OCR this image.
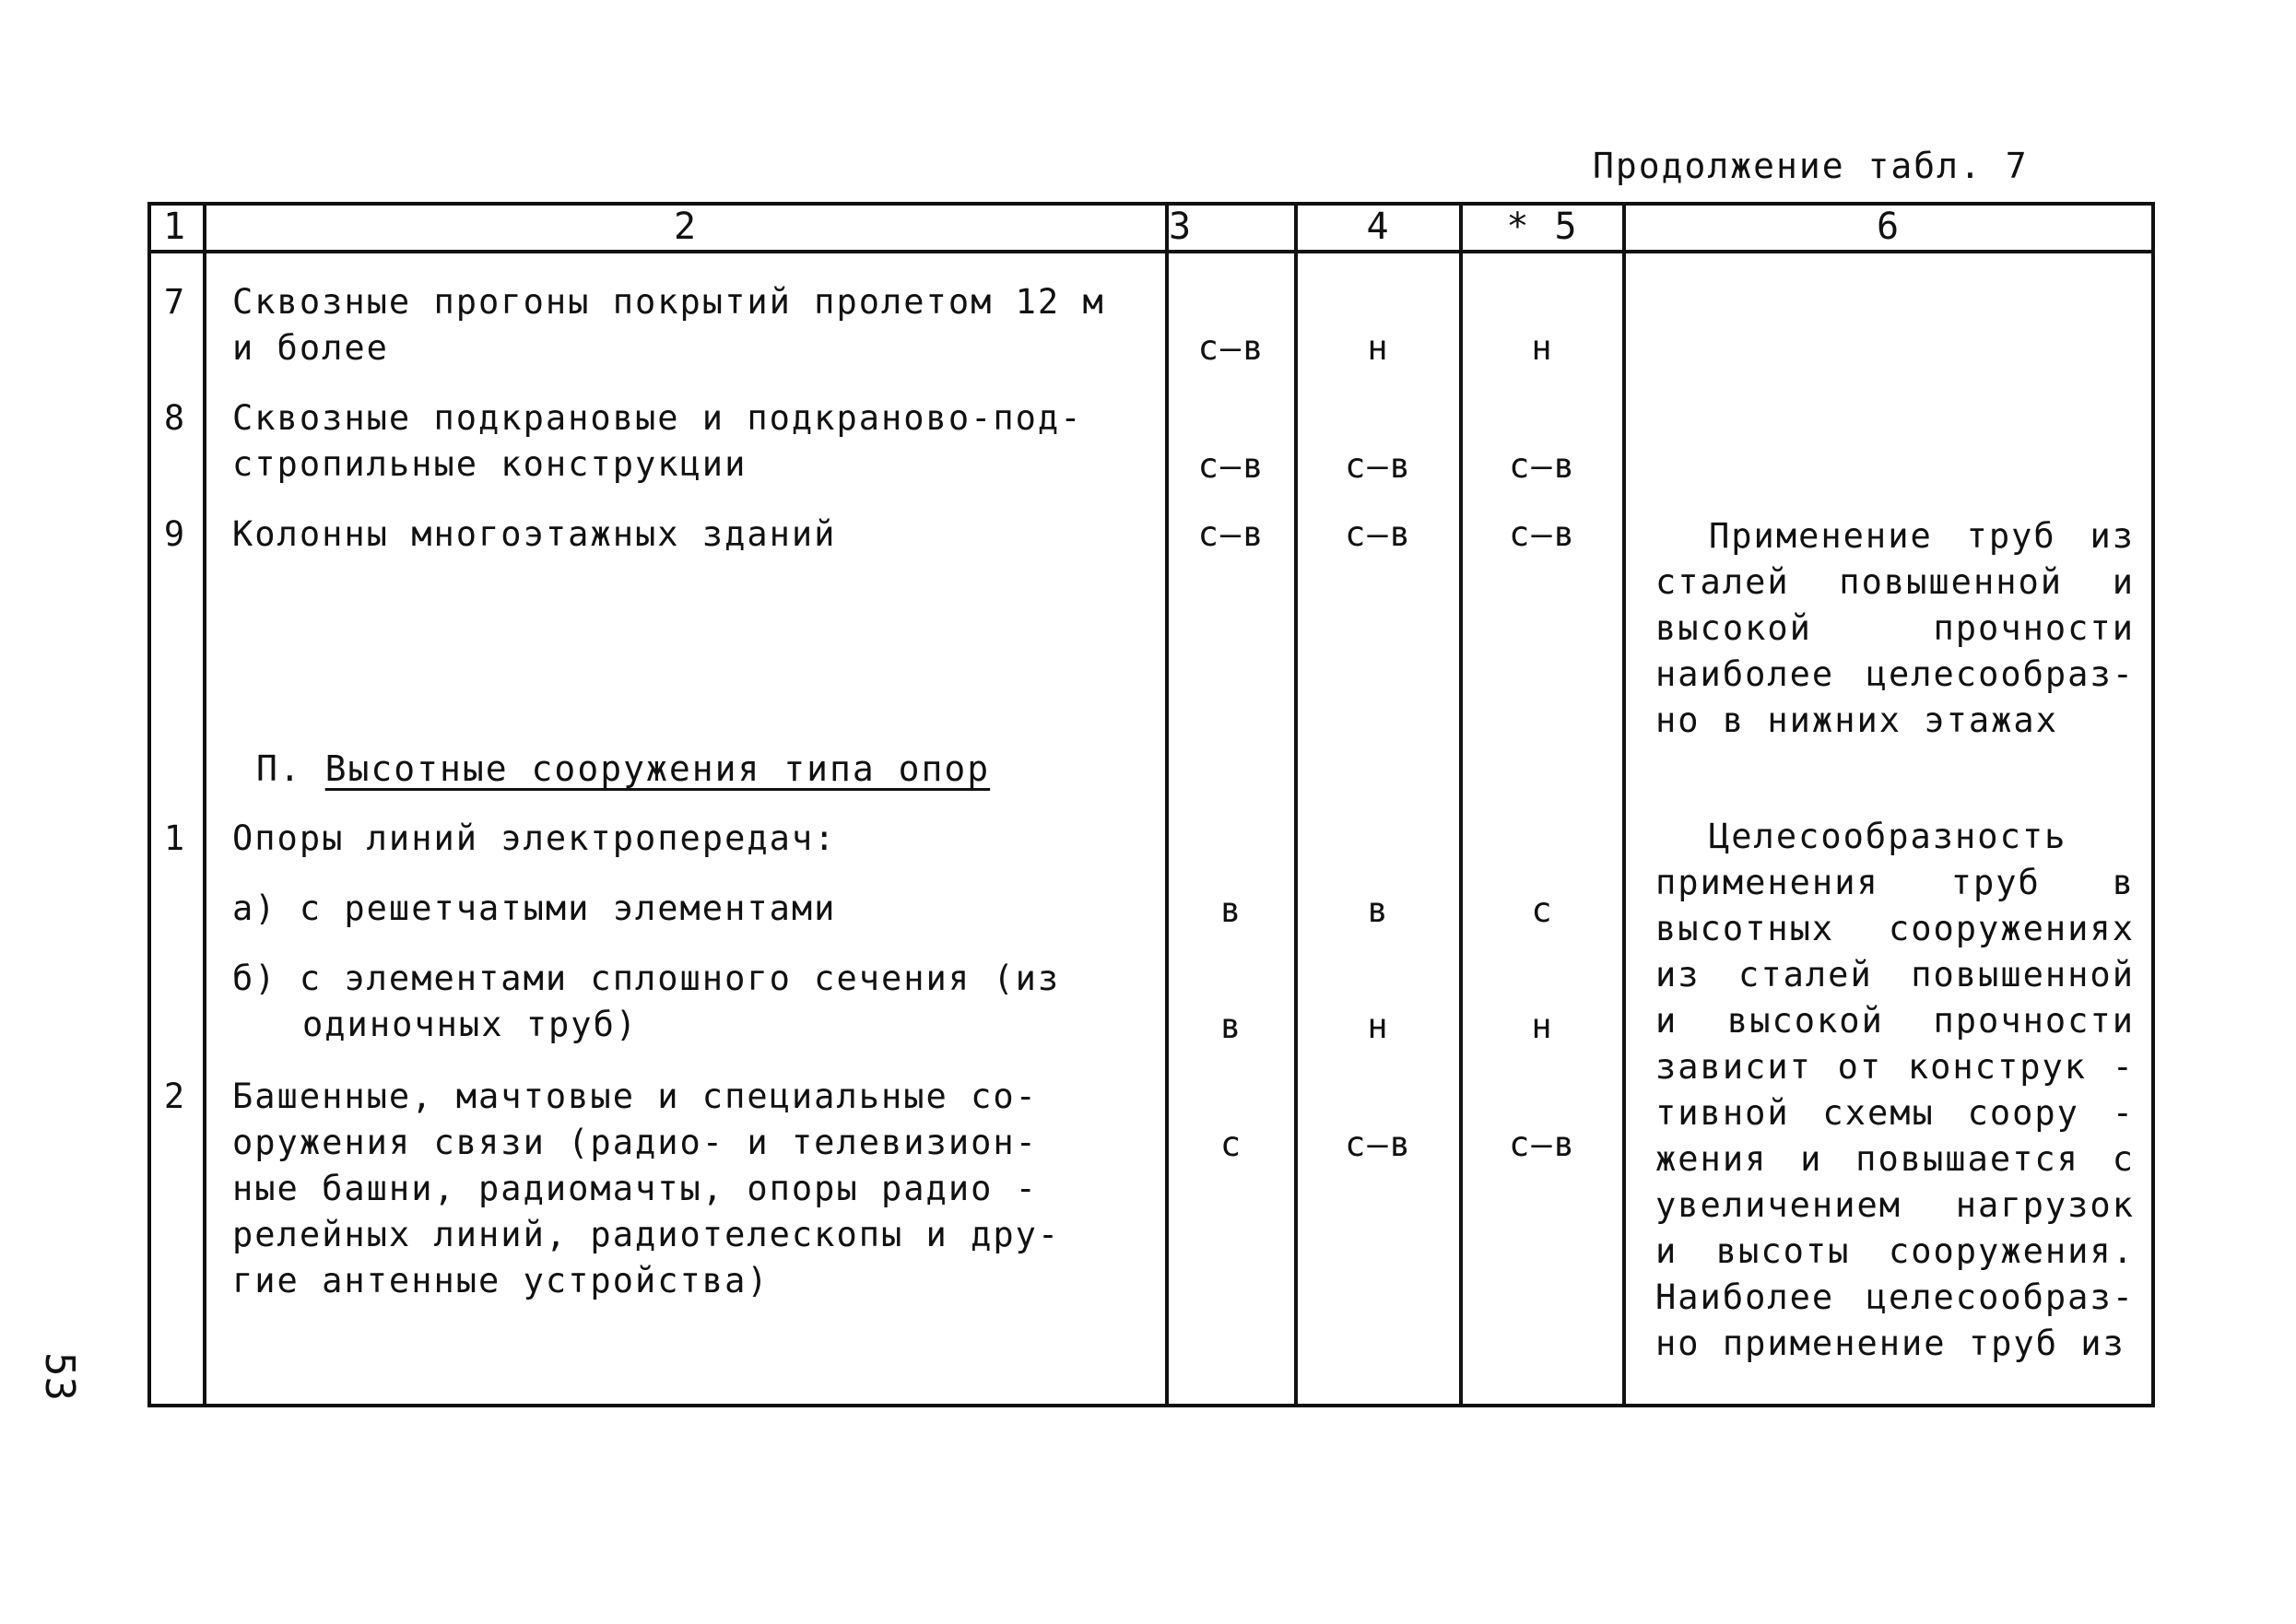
Продолжение табл. 7
53
1	2	3	4	* 5	6
7	Сквозные прогоны покрытий пролетом 12 м
и более	с–в	н	н
8	Сквозные подкрановые и подкраново-под-
стропильные конструкции	с–в	с–в	с–в
9	Колонны многоэтажных зданий	с–в	с–в	с–в	Применение труб из
сталей повышенной и
высокой прочности
наиболее целесообраз-
но в нижних этажах
П. Высотные сооружения типа опор
1	Опоры линий электропередач:
а) с решетчатыми элементами	в	в	с
б) с элементами сплошного сечения (из
одиночных труб)	в	н	н
2	Башенные, мачтовые и специальные со-
оружения связи (радио- и телевизион-
ные башни, радиомачты, опоры радио -
релейных линий, радиотелескопы и дру-
гие антенные устройства)
с	с–в	с–в
Целесообразность
применения труб в
высотных сооружениях
из сталей повышенной
и высокой прочности
зависит от конструк -
тивной схемы соору -
жения и повышается с
увеличением нагрузок
и высоты сооружения.
Наиболее целесообраз-
но применение труб из
